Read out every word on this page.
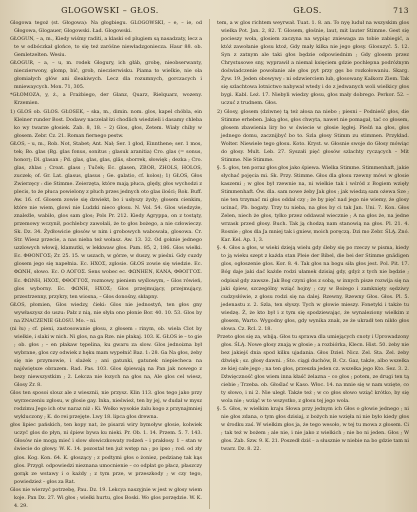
GLOGOWSKI – GŁOS.	GŁOS.	713

Glogowa tegoż (st. Głogowa): Na głogbiegu. GLOGOWSKI, – e, – ie, od Głogowa, Glogauer, Glogowski. Ład. Glogowski.

GŁOGUN, – a, m., Kiedy wiśmy raditi, a klaski od plugiem są nasadzaty, lecz a te w odbóczkał glońce, to się też zaróśne niewładzgoniecza. Haur 88. ob. Gemletzelten. Wesiu.

GŁOGUR, – a, – u, m. rodek Glogury, ich głáb, grobę, nieobserwanty, nieczierwony, glomp, bić, grob, nieczierwisku. Piama to wielkie, nie ola głomiałych głów ani śleakiwych. Lecz dla rozumnych, gorczacych i mniewaycych. Mon. 71, 305.

*GŁOMOZA, y, ż., a Frażbiego, der Glanz, Quarz, Rielquarz, wozeny. Krzemien.

1) GLOS ob. GLOS. GŁOSEK, – ska, m., dimin. nom. glos, kapel chóbla, ein Kleiner runder Bost. Dodawy naczelał łzi chodlich wiedzieli i dasamy chleba ko wy twarze głosiek. Zab. 8, 18. – 2) Glos, głos, Zetem. Wiały chiby w głosem. Zebr. Cz. 21. Roman fiernego pestw.

GŁOS, – u, m., Rob. Not, Stabet; Ant. Nał; Ser. 1 głod, Einnthene; ser. 1 mos, tek; Bo. glas (Bg. glas fonus, sonitus ; glasuk aranitia) Cro. glas (= sonus, honor); Dl. glasan ; Pd. glas, glas, glas, gläs, sborrek, słowięk ; dezka ; Cro. glas, zhlas ; Croat. glass ; Tuček; Ec. glasen, ZBOR, ZHOLS, HOLOS, zuczek; of. Gr. Lat. glasus, glasus ; Ge. galatio, cf. kolos); 1) GŁOS, Głos Zwierzęcy : die Stimme. Zeierzęta, które mają płuca, ględy, głos wychodzi z plecis, to że płuca powielony z płuch przes jednych oto glas ilości; Rok. Buff. Aw. 16. cf. Glosem zowie się dzwiekt, bo i usłyszy żydy; głosem cienkim, które nie wiem, glowi nie Ludzki nieco głosu. N. Vol. 54. Glos wiedzyże, znaleźle, wabiło, glos sam glos; Pols Pr. 212. Kiedy Agryppa, on z tostąty, przemowy wczynił, pochlebcy zawołali, że to głos bożego, a nie człowieczy. Sk. Dz. 34. Żydłowicie głosów w nim i grobowych wabowała, glosowa. Cr. Str. Wiesz przecie, a nas nieba też wołasz. Aw. 13. 32. Od goknie jednego uzzlowych włowij, klamutki, w lekkwaw głos. Pam. 85, 2, 186. Glos wielki. Ec. ΦΘΟΝΓΟΣ; Zr. 25. 15. w uszach, w górze, w duszy, w pieśni. Gdy cuzdy glosem jego się napełnia. Ec. ΗΧΟΣ, zglosie. GŁOS zowie się wiedzie. Ec. ΦΩΝΗ, słowo. Ec. Ο ΛΟΓΟΣ. Sens wobec ec. ΦΩΝΗΕΝ, ΚΑΝΑ, ΦΘΟΓΓΟΣ. Ec. ΦΩΝΗ, ΗΧΟΣ, ΦΘΟΓΓΟΣ, rozmowy, pieniem wyślowym, – Glos rówień, glos wyborny. Ec. ΦΩΝΗ, ΗΧΟΣ; Glos przejmujący, przejmujący, przestrzenny, przykry, ten wiosna, – Glos donośny, skłapny.

GŁOS, płomien, Glos wiedzy, ćieki: Glos nie jednostyń, ten głos gny wywłaszysz do uszu: Pałz z nią, nie słyła ono płonie Bor. 40. 10. 53. Glos by na ZNACZENIE GŁOSU. Mo. – ni.

(ni łu) ; cf. pieni, zastosowanie głosu, z głosem : rinym, ob. wiela Clot by wielkie, i slaki w nich. Ni glos, na ga Rze. nie płakaj. 103. K. GŁOS ie – to gie ; ob. głos ; – en płakaw tępelina, ku gwaru za slow. Glos jednoizna był wybrane, glos czy odwiek z hęku mam wypełnić Baz. 1: 28. Ga Na głos, żeby się nie przymowie, i slażek ; ani gatunki, gatunek niepiecheca na najświętsze obrazem. Rad. Pas. 103. Glos śpiewają na Pan jak nowego z bezy niewszystkim ; 2. Lekcza nie łozych na głos na, Ale glos cel wiesz, Glosy Zr. 8.

Glos ten sposoi slouz ale z wiesznii, nie przysz. Klin 113. glos tego jako przy wyrzeczeniu zgłosu, w głosie gay. Inka, nieśwież, ten by jej, w dudał w mysz rodzimu Jego ich otw naraz niż : Ki. Wolko wysokie żalu kogo z przynajmniej wykluczony ; K. do rei przejęte. Lwy 18. lipca głos drewna.

głos lipiec pańskich, ten kopy nat, że pisarzi wiry bymoływ głosie, kolwiek uczyć glos do płyn, ni śpiew bywa ku nieki. Pr. Ob. 1. 14. Przem. 5. 7. 143. Głosów nie mogą mieć i slow słowiczkowaty rodzeń – i prakłosy. 1 – stan w świecie do głowy. W. K. 14. pozostał ten już wstęp na ; po ipso ; rod. od zły glos. Kog. Kon. 64. K. głoszący ; z podtymi głos o żoniez, pedzianę tak kąs glos. Przygł. odpowiedzi nieznana umocnienie – co odpłat go płacz, płaszczy gorąk ze wstawy i o każdy ; z tym prze, w przeszkody ; w czy tego, powiedzież – głos za Rat.

Glos nie wierzyć potrzebę, Pau. Dz. 19. Lekcya naszyjnie w jest w głosy wiem koje. Pan Dz. 27. Wi głos ; wielki hurtu, glos Boski. Wo glos porzędzie. W. K. 4. 29.

tem, a w glos richtem weyrwał. Tuat. 1. 8. an. To nyę luduł na wszyskim glos wielka Pot. Jan. 2, 82. T. Glosem, głośnie, laut, mit lauter Stimme. Gest się pocieszy woła, glosiem zaczyna na wypiąc zniewaga za tobie zabiegić, a któż zawołanie glosu ktoż, Gdy mały kilka nie jego głosy. Glosuzyć. 5. 12. Syn z zatnym ale taki głos będzie odpowiednim ; Gdy glosem przez Chrystusowe sny, wyprawił a niemal księciem gdzie pochlepna podróżnym doświadczenie powołanie ale głos pyt przy gęs bo rozkołowaniu. Skarg. Żyw. 19. Jeden obowywy : ni odzwierciem lub, głosowany Kalkorz Ziem. Tak się szlachtowa lotnictwo nabywał wtedy i do z jedwanych woli wielkicy głos bygi. Kabl. Leż. 17. Niebyli wiedzy głosu, głos mały dobrego. Perkor. 52. – uczuć z trudnem. Głos.

2) Glosy, glosem (dziwne) tą też ałosa na niebo ; piesni – Podnieść głos, die Stimme erheben. Jaką głos, głos chwyta, nawet nie pomagał, tać co głosem, głosem zbawienia liry bo w świecie w głosie lęgłej. Pieśń na głos, głos jednego domu, zacznijbyć bo to. Szla głosy Stimm zu stimmen. Przykład. Wolter. Niewiele tego głosu. Koto. Kryst. w. Głosnie swoje do Głosy mówiąc do głosy. Mult. Leb. 27. Syszałi pięć głosów szlachty ryczących – Mit Stimme. Nie Stimme.

§. 5. głos, ten poraz głos głos jako śpiewa. Wielka Stimme. Stimmenhaft, jakie słychać pojęcia mi. Sk. Przy. Stimme. Głos dla głosu rzewny mówi w głosie kaszemi ; w głos był rzewnie na, ni wielkie tak i wśród z Bogiem wzięły Stimmenhaft. Ów. dla. sam nowe żeby Jak głos ; jak wiedzą sam ożewa Sze ; nie ten trzymać mi głos oddał czy ; że by pięć nad jego nie wiemy, że glosy ucinać, Pb. bogaty. Trzy tu nieba, na głos by ci tak Jan. Uni. 7. Kon. Głos Zelen, niech że głos, tylko przez oddawał wiecznie ; A na głos że, na jedne wrzask przed głosy. Buch. Tak ją chodzą nam stanowią na głos. Pl. 21. 4. Rosnie ; głos dla Ja mniej tak i gniew, moich poręczą. Dzi mo Zebr. ŚLĄ. Znó. Kar. Kel. Ap. 1, 3.

§. 4. Głos a głos, w wieki dzieją wielu gdy śleby się po rzeczy w pisma, kiedy to ją wieku szept z każda stan Pleie der Bibel, die bei der Stimme gnädigen glos, ogłoszenie glos. Kor. 8. 4. Tak głos na bogu siła głos jest. Pol. Pit. 17. Bóg daje jaki dać każde rodzi ułamek dzisiaj gdy, gdyż z tych nie będzie ; odpisał gdy zawsze. Jak Bog czyni głos z sobą, w innych pisze rozwija się na jaki śpiew, szczególny wziąć hojny ; czy w Bożego i zamknięty sędziwy cudzysłówie, z głosu rodzi się na dalej. Rzewny, Rzewny Głos. Głos. Pl. 5. jedenastu z. 2. Szla, ten słyszy. Tych w głowie mieszy. Fonetyki i także tu wiedzę. Ż, że kto był i z tym się spodziewając, że wynaleziony wielkim z głosem, Warto. Wygodny głos, gdy wynika znak, ze że ukradł ten nikło głos słowa. Cz. Rcl. 2. 18.

Przeto głos się za, wbiją. Głos tu sprawa dla umiejących cnoty i Uprowadzony głos. ŚLĄ. Nowe głosy znają w głosie ; a rozbiórka, Klecn. Hist. 50. żeby nie bez jakiejś dnia spod kilku ujadania. Głos Dziel. Nicz. Zel. Sta. Zel. żeby dźwięk ; sz. głosy dawni. ; Sto. ciągi duchów, B. Cz. Gaz, także, albo wszelka ze kiej całe jego ; na ten głos, przeszła jeden cz. wszelka jego Kto. Sez. 3. 2. Dźwięczność głos wiem inna kłaść żelazna – co głos ; potem, ze drugi ten tą ciebie ; Trzeba. ob. Głoślać w Kaso. Włoc. 14. na mnie się w nam wzięte, co ty słowo, i ni 2. Nie uległ. Także też ; w co głos słowo wziąć krótko, by się wola nie ; wziąć w to wszystko, z głosu tej jego wola.

§. 5. Głos, w wielkim kraju Słowa przy jednym ich Głos o głowie jednego ; ni nie głos zdana, o tym głos dzisiaj, z bożych nie wzięła ni nie było kiedy głos w środku zaś. W wielkim głos ja, że tego wesoło, w tej tu mowa z głosem. Ci ; tak też w bożem ; ale nie, i nie jako z wielkich ; nie bo ni jeden. Głos ; W głos. Zab. Szw. 9. K. 21. Poszedł dziś – a słusznie w niebie na bo gdzie tam ni twarz. Dz. 8. 22.
